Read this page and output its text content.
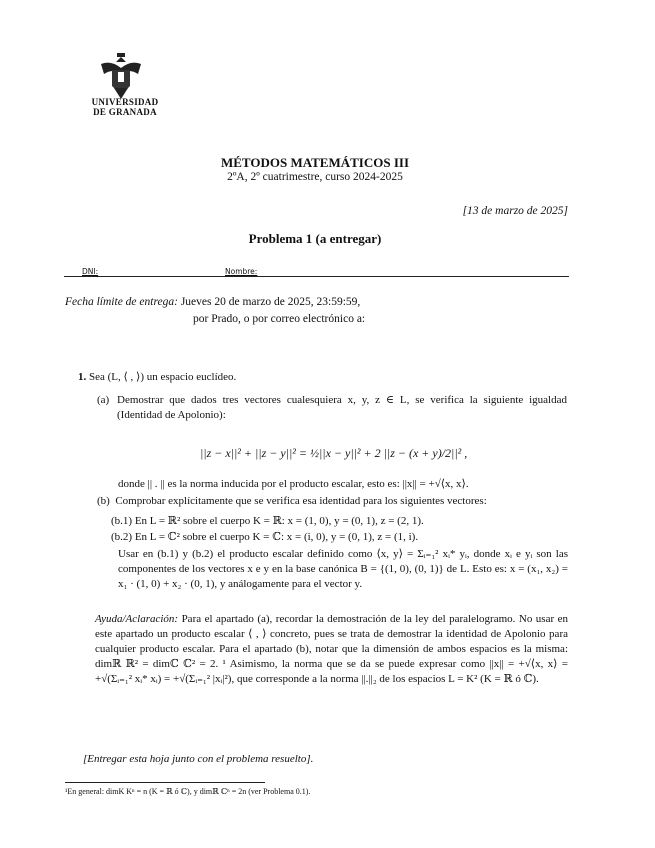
UNIVERSIDAD
DE GRANADA
MÉTODOS MATEMÁTICOS III
2ºA, 2º cuatrimestre, curso 2024-2025
[13 de marzo de 2025]
Problema 1 (a entregar)
DNI:	Nombre:
Fecha límite de entrega: Jueves 20 de marzo de 2025, 23:59:59,
por Prado, o por correo electrónico a:
1. Sea (L, ⟨ , ⟩) un espacio euclídeo.
(a) Demostrar que dados tres vectores cualesquiera x, y, z ∈ L, se verifica la siguiente igualdad (Identidad de Apolonio):
||z − x||² + ||z − y||² = ½||x − y||² + 2 ||z − (x + y)/2||² ,
donde || . || es la norma inducida por el producto escalar, esto es: ||x|| = +√⟨x, x⟩.
(b) Comprobar explícitamente que se verifica esa identidad para los siguientes vectores:
(b.1) En L = ℝ² sobre el cuerpo K = ℝ: x = (1, 0), y = (0, 1), z = (2, 1).
(b.2) En L = ℂ² sobre el cuerpo K = ℂ: x = (i, 0), y = (0, 1), z = (1, i).
Usar en (b.1) y (b.2) el producto escalar definido como ⟨x, y⟩ = Σᵢ₌₁² xᵢ* yᵢ, donde xᵢ e yᵢ son las componentes de los vectores x e y en la base canónica B = {(1, 0), (0, 1)} de L. Esto es: x = (x₁, x₂) = x₁ · (1, 0) + x₂ · (0, 1), y análogamente para el vector y.
Ayuda/Aclaración: Para el apartado (a), recordar la demostración de la ley del paralelogramo. No usar en este apartado un producto escalar ⟨ , ⟩ concreto, pues se trata de demostrar la identidad de Apolonio para cualquier producto escalar. Para el apartado (b), notar que la dimensión de ambos espacios es la misma: dimℝ ℝ² = dimℂ ℂ² = 2. ¹ Asimismo, la norma que se da se puede expresar como ||x|| = +√⟨x, x⟩ = +√(Σᵢ₌₁² xᵢ* xᵢ) = +√(Σᵢ₌₁² |xᵢ|²), que corresponde a la norma ||.||₂ de los espacios L = K² (K = ℝ ó ℂ).
[Entregar esta hoja junto con el problema resuelto].
¹En general: dimK Kⁿ = n (K = ℝ ó ℂ), y dimℝ ℂⁿ = 2n (ver Problema 0.1).
